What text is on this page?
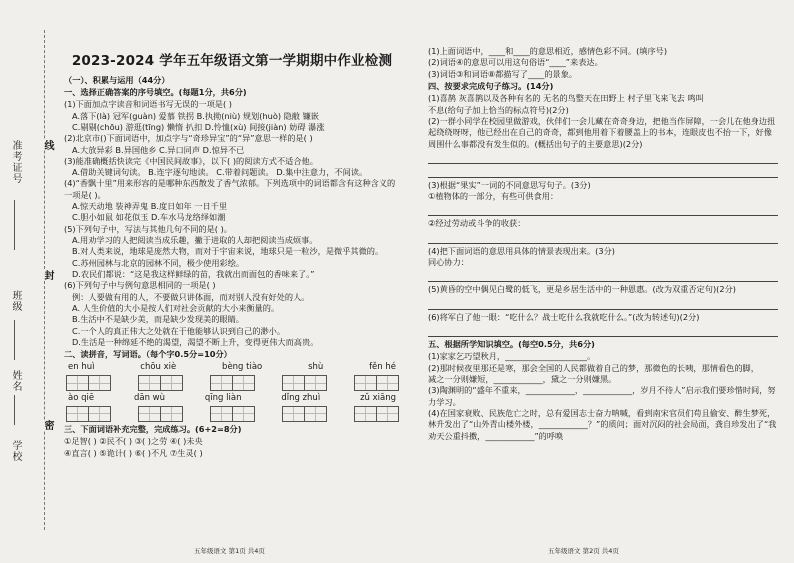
准考证号
班级
姓名
学校
线
封
密
2023-2024 学年五年级语文第一学期期中作业检测
（一）、积累与运用（44分）
一、选择正确答案的序号填空。(每题1分，共6分)
(1)下面加点字读音和词语书写无误的一项是( )
A.落下(là) 冠军(guàn) 爱慕 铁拐 B.执拗(niù) 规划(huò) 隐敝 镰嵌
C.剔剔(chōu) 游逛(tīng) 懒惰 扒扣 D.怜恤(xù) 间接(jiàn) 妨碍 瀑涨
(2)北京市()下面词语中，加点字与“奇珍异宝”的“异”意思一样的是( )
A.大放异彩 B.异国他乡 C.异口同声 D.惊异不已
(3)能准确概括快读完《中国民间故事》，以下( )的阅读方式不适合他。
A.借助关键词句读。 B.连字逐句地读。 C.带着问题读。 D.集中注意力，不间读。
(4)“香飘十里”用来形容的是哪种东西散发了香气浓郁。下列选项中的词语都含有这种含义的一项是( )。
A.惊天动地 装神弄鬼 B.度日如年 一日千里
C.胆小如鼠 如花似玉 D.车水马龙络绎如潮
(5)下列句子中，写法与其他几句不同的是( )。
A.用劝学习的人把阅读当成乐趣，撇于进取的人却把阅读当成烦事。
B.对人类来说，地球是庞然大物，而对于宇宙来说，地球只是一粒沙，是微乎其微的。
C.苏州园林与北京的园林不同，极少使用彩绘。
D.农民们都说：“这是我这样鲜绿的苗，我就出而面包的香味来了。”
(6)下列句子中与例句意思相同的一项是( )
例：人要做有用的人，不要做只讲体面，而对别人没有好处的人。
A. 人生价值的大小是按人们对社会贡献的大小来衡量的。
B.生活中不是缺少美，而是缺少发现美的眼睛。
C.一个人的真正伟大之处就在于他能够认识到自己的渺小。
D.生活是一种绵延不绝的渴望，渴望不断上升，变得更伟大而高贵。
二、读拼音，写词语。（每个字0.5分=10分）
en huì	chōu xiè	bèng tiào	shù	fěn hé
ào qiē	dān wù	qīng liàn	dǐng zhuì	zǔ xiāng
三、下面词语补充完整，完成练习。(6+2=8分)
①足智( ) ②民不( ) ③( )之劳 ④( )未央
④直言( ) ⑤诡计( ) ⑥( )不凡 ⑦生灵( )
五年级语文 第1页 共4页
(1)上面词语中，____和____的意思相近，感情色彩不同。(填序号)
(2)词语④的意思可以用这句俗语“____”来表达。
(3)词语③和词语⑧都描写了____的景象。
四、按要求完成句子练习。(14分)
(1)喜鹊 灰喜鹊以及各种有名的 无名的鸟整天在田野上 村子里飞来飞去 鸣叫
不息(给句子加上恰当的标点符号)(2分)
(2)一群小同学在校园里做游戏，伙伴们一会儿藏在奇奇身边，把他当作屏障，一会儿在他身边扭起绕绕呀呀，他已经出在自己的奇奇，都到他用着下着腰盖上的书本，连眼皮也不抬一下，好像周围什么事都没有发生似的。(概括出句子的主要意思)(2分)
(3)根据“果实”一词的不同意思写句子。(3分)
①植物体的一部分，有些可供食用：
②经过劳动或斗争的收获：
(4)把下面词语的意思用具体的情景表现出来。(3分)
同心协力：
(5)黄昏的空中偶见白鹭的低飞，更是乡居生活中的一种恩惠。(改为双重否定句)(2分)
(6)将军白了他一眼：“吃什么？战士吃什么我就吃什么。”(改为转述句)(2分)
五、根据所学知识填空。(每空0.5分，共6分)
(1)家家乞巧望秋月，____________________。
(2)那时候夜里那还是寒，那会全国的人民都做着自己的梦，那微色的长咦，那情看色的脚，
减之一分则嫌短，____________，黛之一分则嫌黑。
(3)陶渊明的“盛年不重来，____________，____________，岁月不待人”启示我们要珍惜时间，努力学习。
(4)在国家衰败、民族危亡之时，总有爱国志士奋力呐喊，看到南宋官员们苟且偷安、醉生梦死，林升发出了“山外青山楼外楼，____________？”的质问；面对沉闷的社会局面，龚自珍发出了“我劝天公重抖擞，____________”的呼唤
五年级语文 第2页 共4页
